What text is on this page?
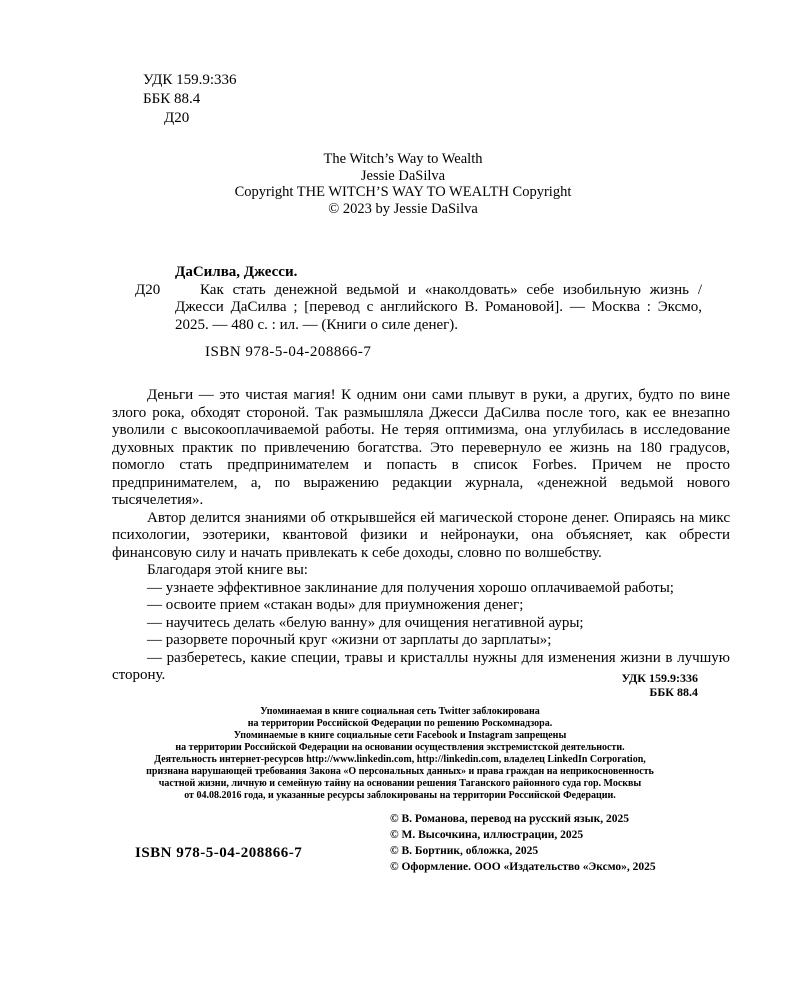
УДК 159.9:336
ББК 88.4
Д20
The Witch’s Way to Wealth
Jessie DaSilva
Copyright THE WITCH’S WAY TO WEALTH Copyright
© 2023 by Jessie DaSilva
ДаСилва, Джесси.
Д20	Как стать денежной ведьмой и «наколдовать» себе изобильную жизнь / Джесси ДаСилва ; [перевод с английского В. Романовой]. — Москва : Эксмо, 2025. — 480 с. : ил. — (Книги о силе денег).

ISBN 978-5-04-208866-7

Деньги — это чистая магия! К одним они сами плывут в руки, а других, будто по вине злого рока, обходят стороной. Так размышляла Джесси ДаСилва после того, как ее внезапно уволили с высокооплачиваемой работы. Не теряя оптимизма, она углубилась в исследование духовных практик по привлечению богатства. Это перевернуло ее жизнь на 180 градусов, помогло стать предпринимателем и попасть в список Forbes. Причем не просто предпринимателем, а, по выражению редакции журнала, «денежной ведьмой нового тысячелетия».

Автор делится знаниями об открывшейся ей магической стороне денег. Опираясь на микс психологии, эзотерики, квантовой физики и нейронауки, она объясняет, как обрести финансовую силу и начать привлекать к себе доходы, словно по волшебству.

Благодаря этой книге вы:

— узнаете эффективное заклинание для получения хорошо оплачиваемой работы;

— освоите прием «стакан воды» для приумножения денег;

— научитесь делать «белую ванну» для очищения негативной ауры;

— разорвете порочный круг «жизни от зарплаты до зарплаты»;

— разберетесь, какие специи, травы и кристаллы нужны для изменения жизни в лучшую сторону.	УДК 159.9:336
ББК 88.4
Упоминаемая в книге социальная сеть Twitter заблокирована
на территории Российской Федерации по решению Роскомнадзора.
Упоминаемые в книге социальные сети Facebook и Instagram запрещены
на территории Российской Федерации на основании осуществления экстремистской деятельности.
Деятельность интернет-ресурсов http://www.linkedin.com, http://linkedin.com, владелец LinkedIn Corporation,
признана нарушающей требования Закона «О персональных данных» и права граждан на неприкосновенность
частной жизни, личную и семейную тайну на основании решения Таганского районного суда гор. Москвы
от 04.08.2016 года, и указанные ресурсы заблокированы на территории Российской Федерации.
© В. Романова, перевод на русский язык, 2025
© М. Высочкина, иллюстрации, 2025
© В. Бортник, обложка, 2025
© Оформление. ООО «Издательство «Эксмо», 2025
ISBN 978-5-04-208866-7
